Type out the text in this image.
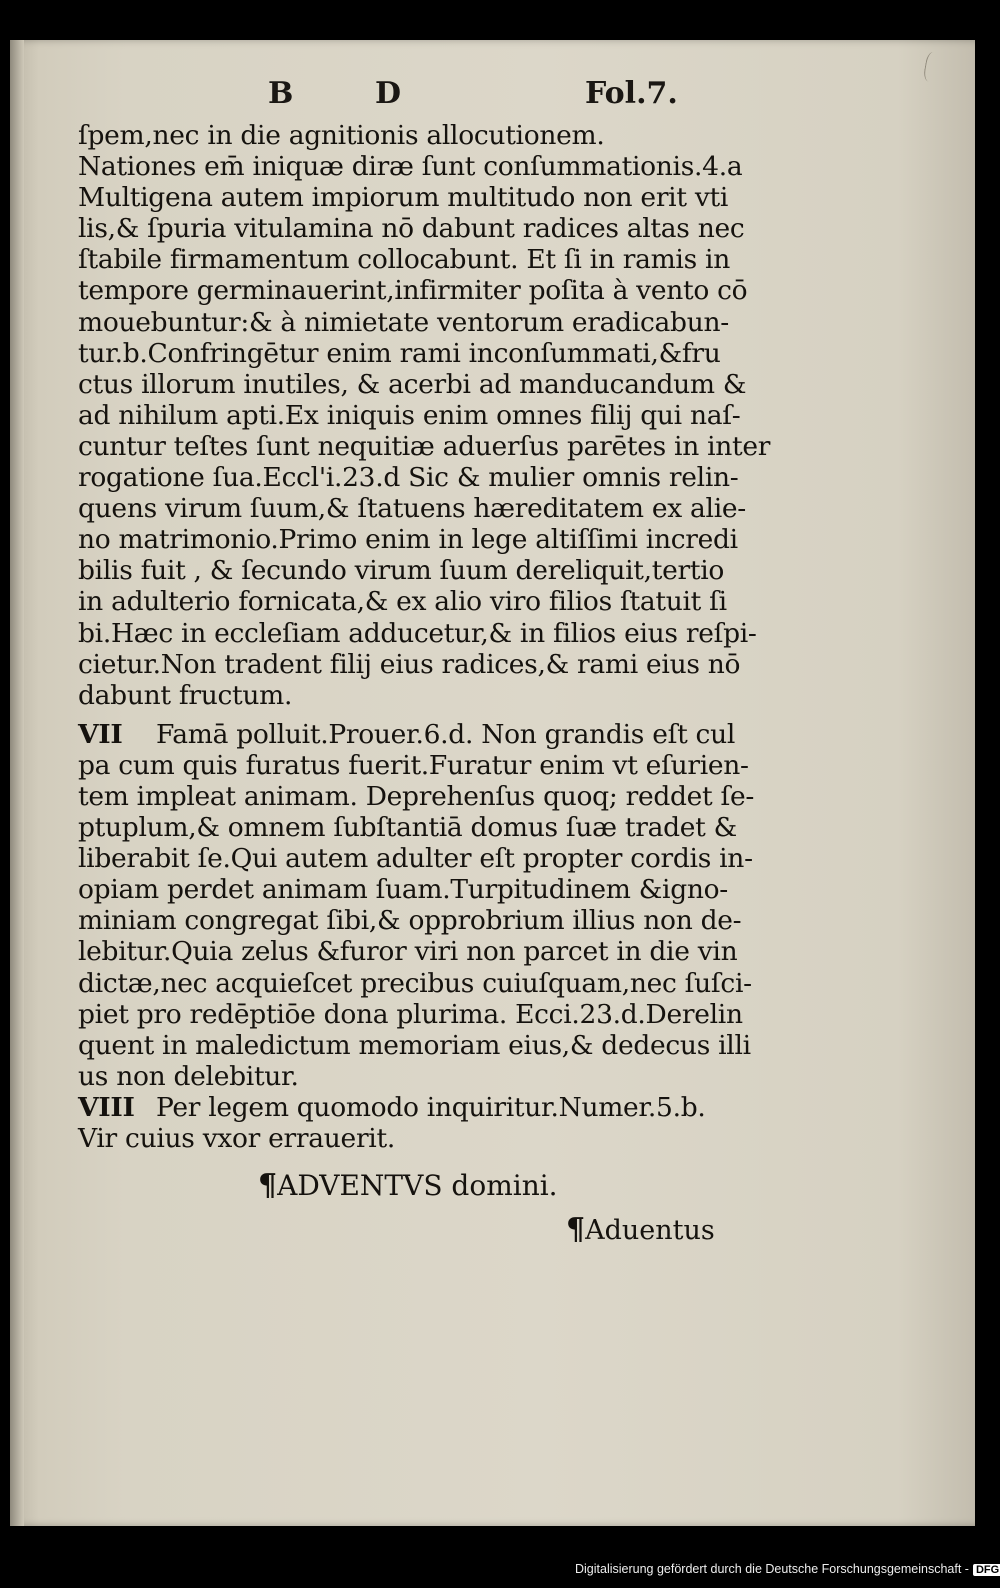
B	D	Fol.7.
ſpem,nec in die agnitionis allocutionem.
Nationes em̄ iniquæ diræ ſunt conſummationis.4.a
Multigena autem impiorum multitudo non erit vti
lis,& ſpuria vitulamina nō dabunt radices altas nec
ſtabile firmamentum collocabunt. Et ſi in ramis in
tempore germinauerint,infirmiter poſita à vento cō
mouebuntur:& à nimietate ventorum eradicabun-
tur.b.Confringētur enim rami inconſummati,&fru
ctus illorum inutiles, & acerbi ad manducandum &
ad nihilum apti.Ex iniquis enim omnes filij qui naſ-
cuntur teſtes ſunt nequitiæ aduerſus parētes in inter
rogatione ſua.Eccl'i.23.d Sic & mulier omnis relin-
quens virum ſuum,& ſtatuens hæreditatem ex alie-
no matrimonio.Primo enim in lege altiſſimi incredi
bilis fuit , & ſecundo virum ſuum dereliquit,tertio
in adulterio fornicata,& ex alio viro filios ſtatuit ſi
bi.Hæc in eccleſiam adducetur,& in filios eius reſpi-
cietur.Non tradent filij eius radices,& rami eius nō
dabunt fructum.
VII Famā polluit.Prouer.6.d. Non grandis eſt cul
pa cum quis furatus fuerit.Furatur enim vt eſurien-
tem impleat animam. Deprehenſus quoq; reddet ſe-
ptuplum,& omnem ſubſtantiā domus ſuæ tradet &
liberabit ſe.Qui autem adulter eſt propter cordis in-
opiam perdet animam ſuam.Turpitudinem &igno-
miniam congregat ſibi,& opprobrium illius non de-
lebitur.Quia zelus &furor viri non parcet in die vin
dictæ,nec acquieſcet precibus cuiuſquam,nec ſuſci-
piet pro redēptiōe dona plurima. Ecci.23.d.Derelin
quent in maledictum memoriam eius,& dedecus illi
us non delebitur.
VIII Per legem quomodo inquiritur.Numer.5.b.
Vir cuius vxor errauerit.
¶ADVENTVS domini.
¶Aduentus
Digitalisierung gefördert durch die Deutsche Forschungsgemeinschaft - DFG
